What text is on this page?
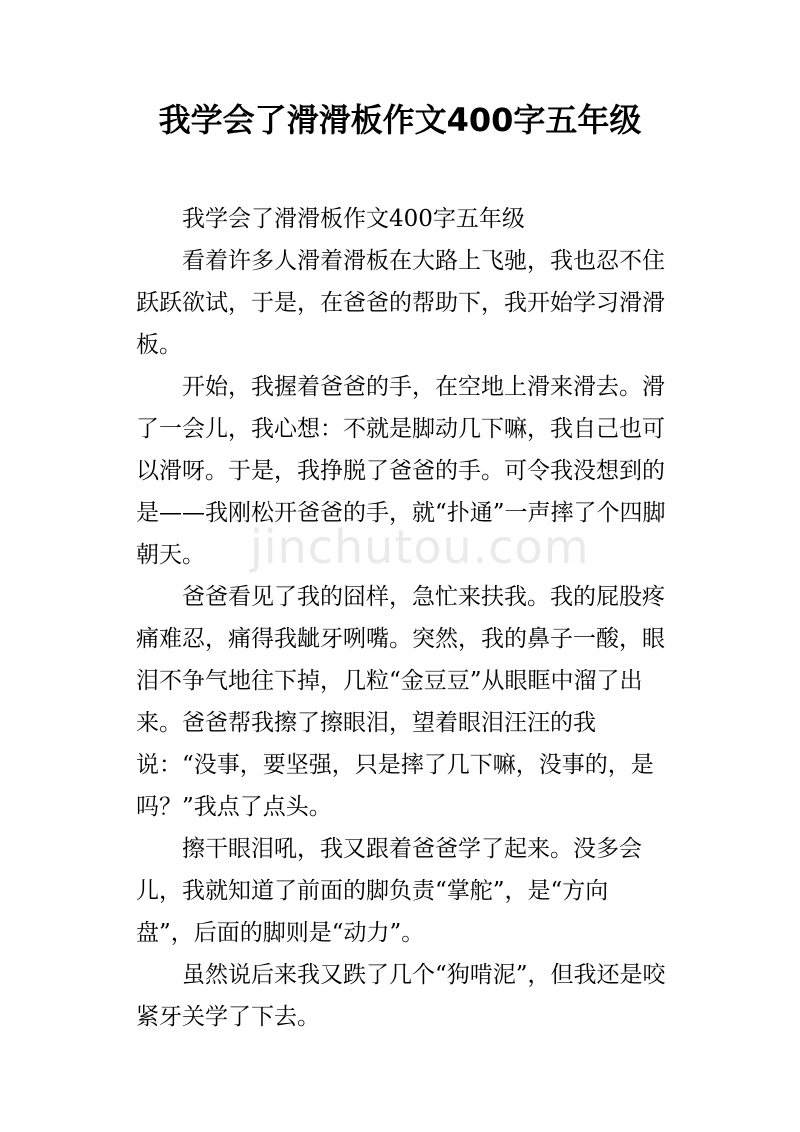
我学会了滑滑板作文400字五年级

我学会了滑滑板作文400字五年级

看着许多人滑着滑板在大路上飞驰，我也忍不住跃跃欲试，于是，在爸爸的帮助下，我开始学习滑滑板。

开始，我握着爸爸的手，在空地上滑来滑去。滑了一会儿，我心想：不就是脚动几下嘛，我自己也可以滑呀。于是，我挣脱了爸爸的手。可令我没想到的是——我刚松开爸爸的手，就“扑通”一声摔了个四脚朝天。

爸爸看见了我的囧样，急忙来扶我。我的屁股疼痛难忍，痛得我龇牙咧嘴。突然，我的鼻子一酸，眼泪不争气地往下掉，几粒“金豆豆”从眼眶中溜了出来。爸爸帮我擦了擦眼泪，望着眼泪汪汪的我说：“没事，要坚强，只是摔了几下嘛，没事的，是吗？”我点了点头。

擦干眼泪吼，我又跟着爸爸学了起来。没多会儿，我就知道了前面的脚负责“掌舵”，是“方向盘”，后面的脚则是“动力”。

虽然说后来我又跌了几个“狗啃泥”，但我还是咬紧牙关学了下去。

jinchutou.com
